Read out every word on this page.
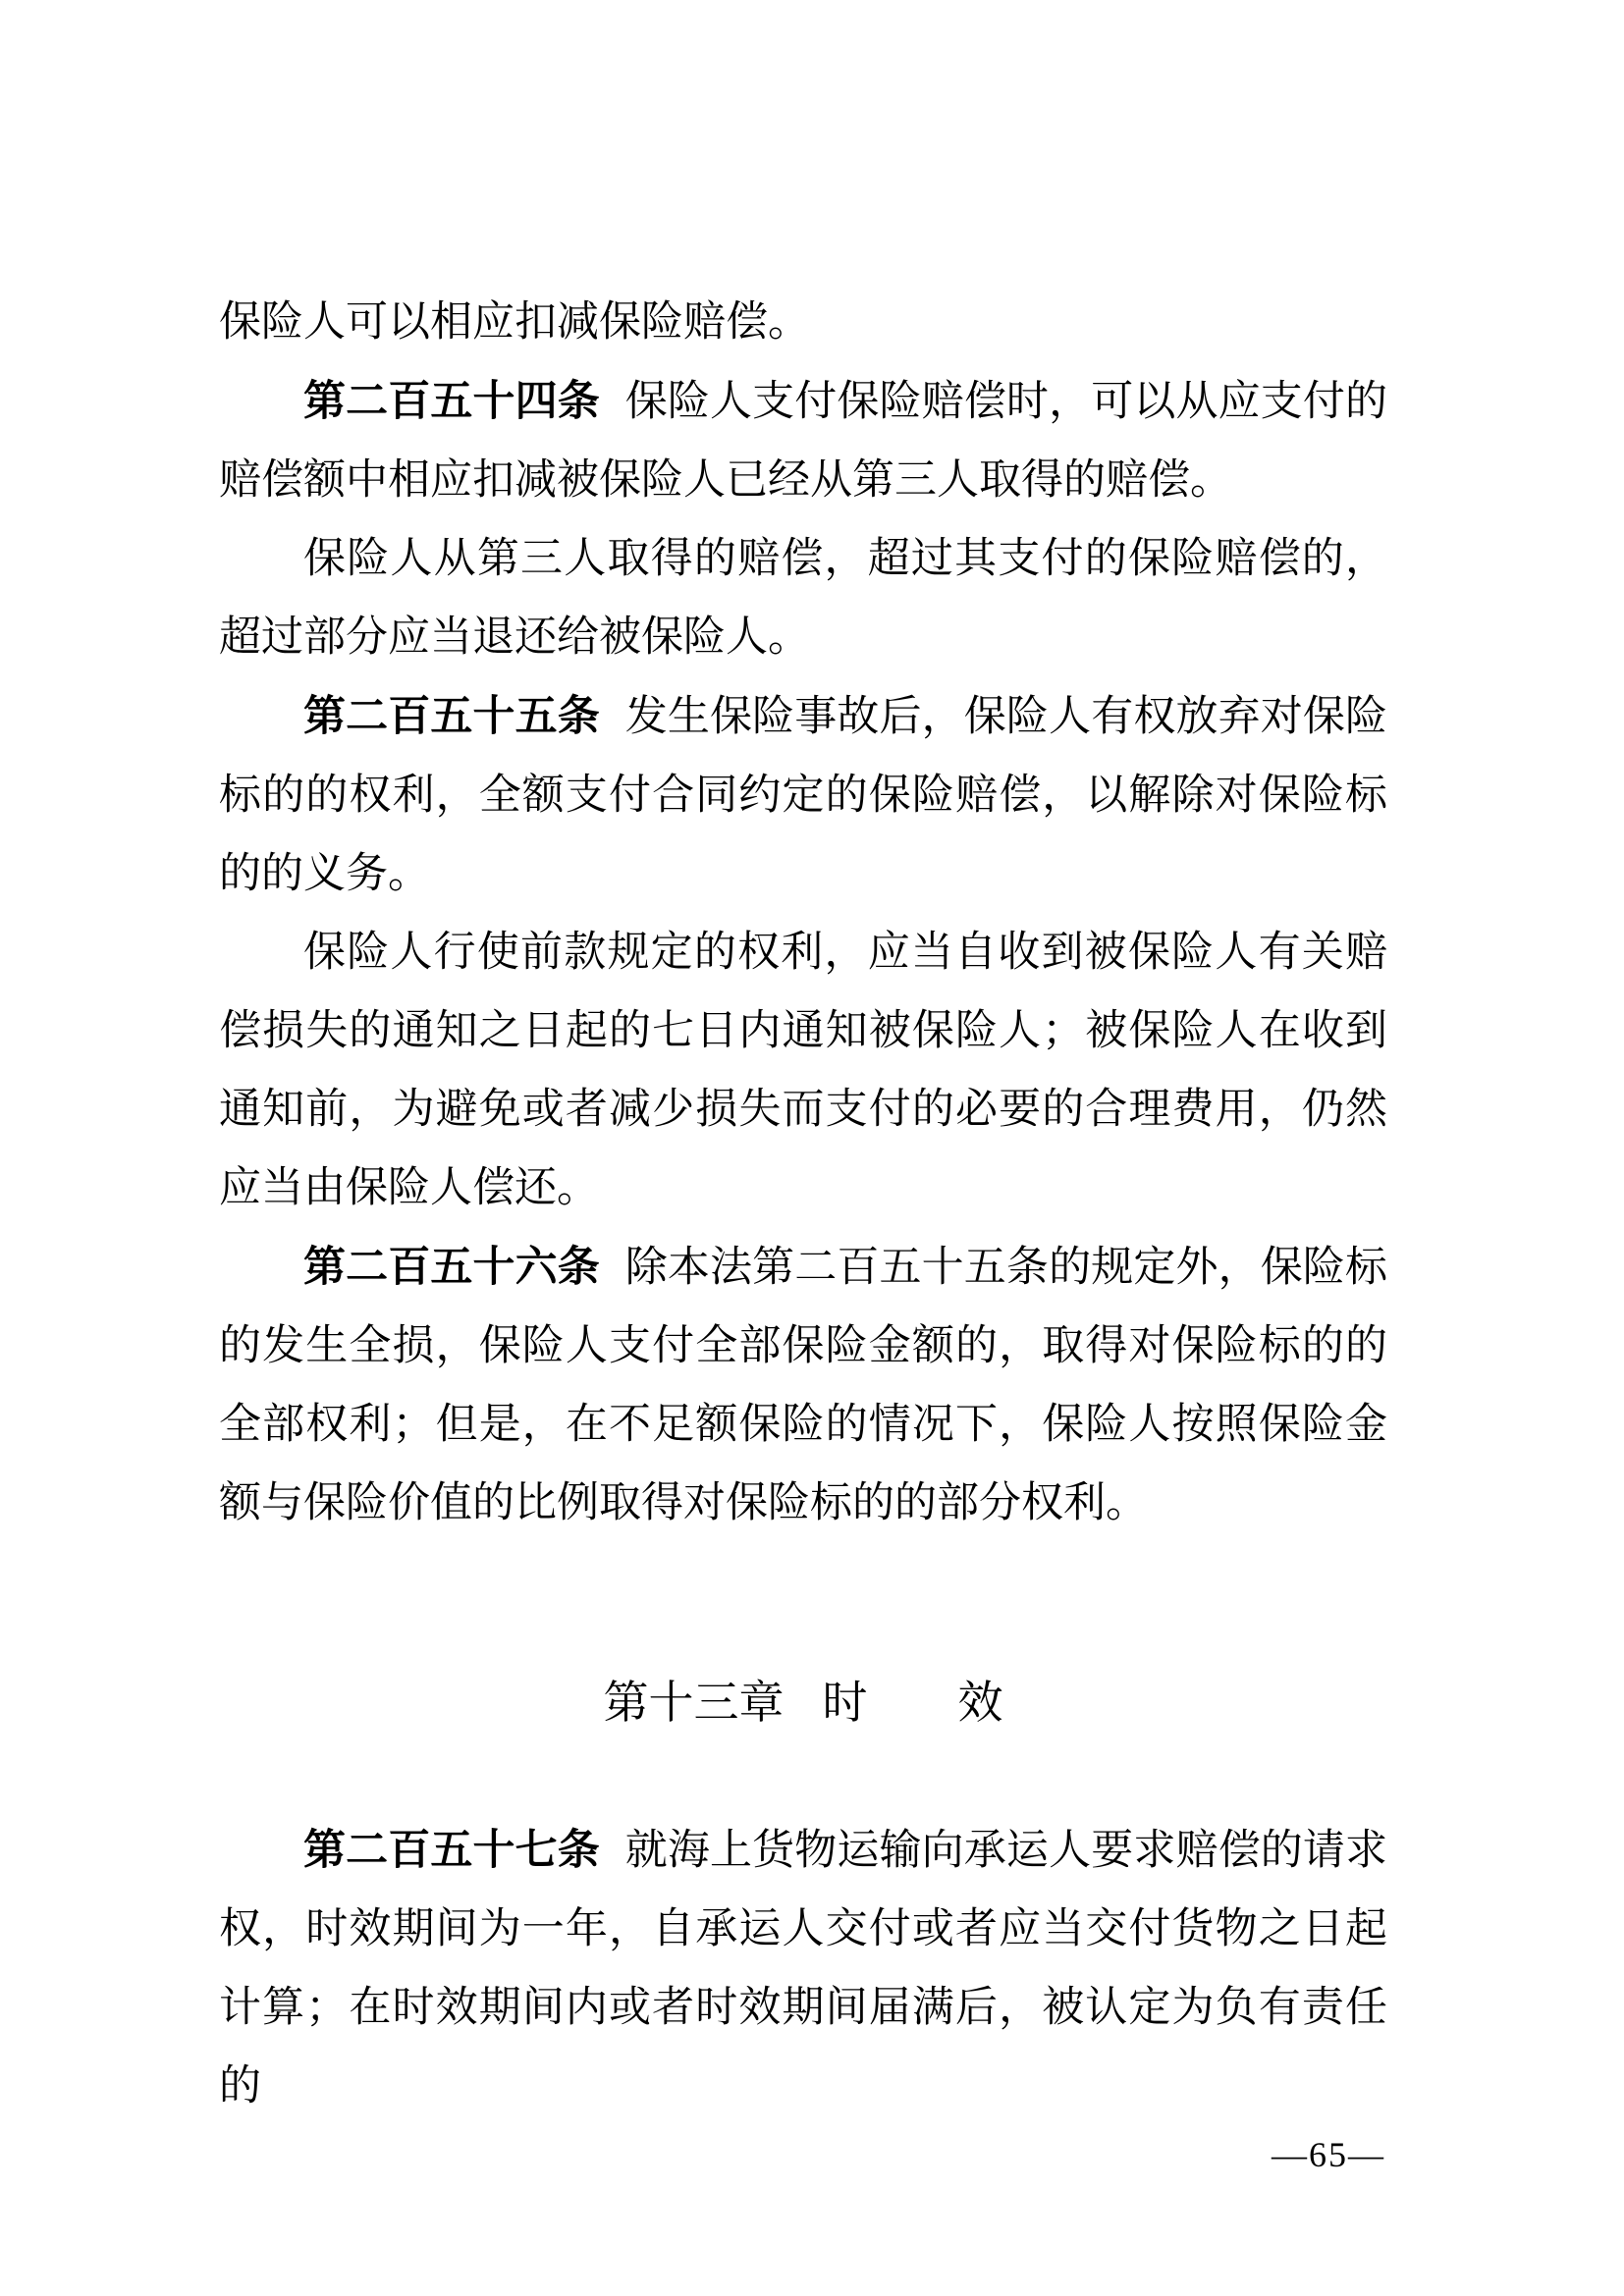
保险人可以相应扣减保险赔偿。

第二百五十四条 保险人支付保险赔偿时，可以从应支付的赔偿额中相应扣减被保险人已经从第三人取得的赔偿。

保险人从第三人取得的赔偿，超过其支付的保险赔偿的，超过部分应当退还给被保险人。

第二百五十五条 发生保险事故后，保险人有权放弃对保险标的的权利，全额支付合同约定的保险赔偿，以解除对保险标的的义务。

保险人行使前款规定的权利，应当自收到被保险人有关赔偿损失的通知之日起的七日内通知被保险人；被保险人在收到通知前，为避免或者减少损失而支付的必要的合理费用，仍然应当由保险人偿还。

第二百五十六条 除本法第二百五十五条的规定外，保险标的发生全损，保险人支付全部保险金额的，取得对保险标的的全部权利；但是，在不足额保险的情况下，保险人按照保险金额与保险价值的比例取得对保险标的的部分权利。

第十三章 时 效

第二百五十七条 就海上货物运输向承运人要求赔偿的请求权，时效期间为一年，自承运人交付或者应当交付货物之日起计算；在时效期间内或者时效期间届满后，被认定为负有责任的

—65—
